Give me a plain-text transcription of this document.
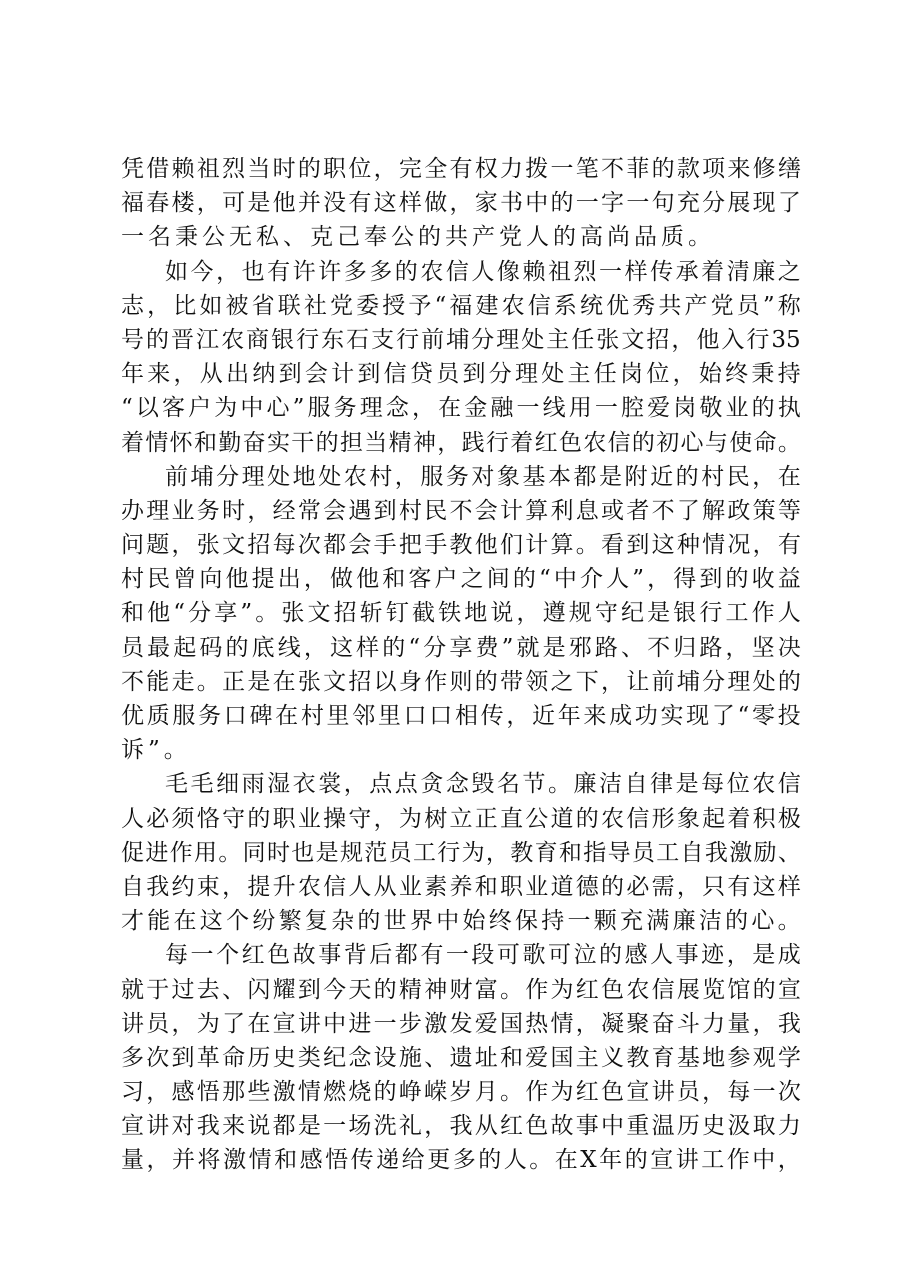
凭 借 赖 祖 烈 当 时 的 职 位 ， 完 全 有 权 力 拨 一 笔 不 菲 的 款 项 来 修 缮
福 春 楼 ， 可 是 他 并 没 有 这 样 做 ， 家 书 中 的 一 字 一 句 充 分 展 现 了
一名秉公无私、克己奉公的共产党人的高尚品质。
如 今 ， 也 有 许 许 多 多 的 农 信 人 像 赖 祖 烈 一 样 传 承 着 清 廉 之
志 ， 比 如 被 省 联 社 党 委 授 予 “ 福 建 农 信 系 统 优 秀 共 产 党 员 ” 称
号 的 晋 江 农 商 银 行 东 石 支 行 前 埔 分 理 处 主 任 张 文 招 ， 他 入 行 35
年 来 ， 从 出 纳 到 会 计 到 信 贷 员 到 分 理 处 主 任 岗 位 ， 始 终 秉 持
“ 以 客 户 为 中 心 ” 服 务 理 念 ， 在 金 融 一 线 用 一 腔 爱 岗 敬 业 的 执
着 情 怀 和 勤 奋 实 干 的 担 当 精 神 ， 践 行 着 红 色 农 信 的 初 心 与 使 命 。
前 埔 分 理 处 地 处 农 村 ， 服 务 对 象 基 本 都 是 附 近 的 村 民 ， 在
办 理 业 务 时 ， 经 常 会 遇 到 村 民 不 会 计 算 利 息 或 者 不 了 解 政 策 等
问 题 ， 张 文 招 每 次 都 会 手 把 手 教 他 们 计 算 。 看 到 这 种 情 况 ， 有
村 民 曾 向 他 提 出 ， 做 他 和 客 户 之 间 的 “ 中 介 人 ” ， 得 到 的 收 益
和 他 “ 分 享 ” 。 张 文 招 斩 钉 截 铁 地 说 ， 遵 规 守 纪 是 银 行 工 作 人
员 最 起 码 的 底 线 ， 这 样 的 “ 分 享 费 ” 就 是 邪 路 、 不 归 路 ， 坚 决
不 能 走 。 正 是 在 张 文 招 以 身 作 则 的 带 领 之 下 ， 让 前 埔 分 理 处 的
优 质 服 务 口 碑 在 村 里 邻 里 口 口 相 传 ， 近 年 来 成 功 实 现 了 “ 零 投
诉”。
毛 毛 细 雨 湿 衣 裳 ， 点 点 贪 念 毁 名 节 。 廉 洁 自 律 是 每 位 农 信
人 必 须 恪 守 的 职 业 操 守 ， 为 树 立 正 直 公 道 的 农 信 形 象 起 着 积 极
促 进 作 用 。 同 时 也 是 规 范 员 工 行 为 ， 教 育 和 指 导 员 工 自 我 激 励 、
自 我 约 束 ， 提 升 农 信 人 从 业 素 养 和 职 业 道 德 的 必 需 ， 只 有 这 样
才 能 在 这 个 纷 繁 复 杂 的 世 界 中 始 终 保 持 一 颗 充 满 廉 洁 的 心 。
每 一 个 红 色 故 事 背 后 都 有 一 段 可 歌 可 泣 的 感 人 事 迹 ， 是 成
就 于 过 去 、 闪 耀 到 今 天 的 精 神 财 富 。 作 为 红 色 农 信 展 览 馆 的 宣
讲 员 ， 为 了 在 宣 讲 中 进 一 步 激 发 爱 国 热 情 ， 凝 聚 奋 斗 力 量 ， 我
多 次 到 革 命 历 史 类 纪 念 设 施 、 遗 址 和 爱 国 主 义 教 育 基 地 参 观 学
习 ， 感 悟 那 些 激 情 燃 烧 的 峥 嵘 岁 月 。 作 为 红 色 宣 讲 员 ， 每 一 次
宣 讲 对 我 来 说 都 是 一 场 洗 礼 ， 我 从 红 色 故 事 中 重 温 历 史 汲 取 力
量 ， 并 将 激 情 和 感 悟 传 递 给 更 多 的 人 。 在 X 年 的 宣 讲 工 作 中 ，
